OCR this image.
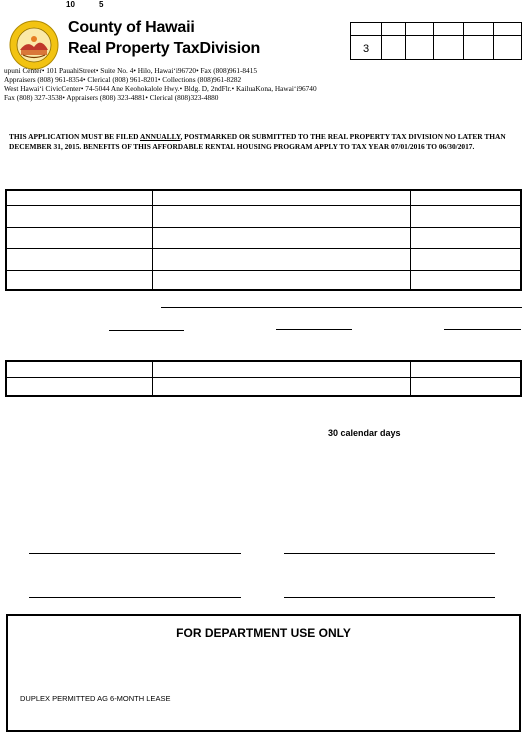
10	5
County of Hawaii
Real Property TaxDivision
upuni Center• 101 PauahiStreet• Suite No. 4• Hilo, Hawaiʻi96720• Fax (808)961-8415
Appraisers (808) 961-8354• Clerical (808) 961-8201• Collections (808)961-8282
West Hawaiʻi CivicCenter• 74-5044 Ane Keohokalole Hwy.• Bldg. D, 2ndFlr.• KailuaKona, Hawaiʻi96740
Fax (808) 327-3538• Appraisers (808) 323-4881• Clerical (808)323-4880
3
THIS APPLICATION MUST BE FILED ANNUALLY, POSTMARKED OR SUBMITTED TO THE REAL PROPERTY TAX DIVISION NO LATER THAN DECEMBER 31, 2015. BENEFITS OF THIS AFFORDABLE RENTAL HOUSING PROGRAM APPLY TO TAX YEAR 07/01/2016 TO 06/30/2017.
30 calendar days
FOR DEPARTMENT USE ONLY
DUPLEX PERMITTED AG 6-MONTH LEASE
